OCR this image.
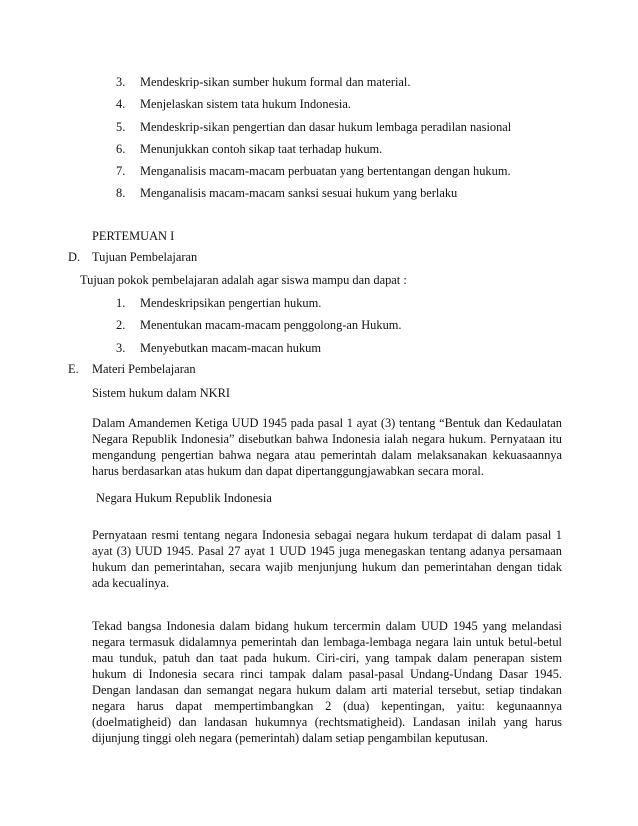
3.	Mendeskrip-sikan sumber hukum formal dan material.
4.	Menjelaskan sistem tata hukum Indonesia.
5.	Mendeskrip-sikan pengertian dan dasar hukum lembaga peradilan nasional
6.	Menunjukkan contoh sikap taat terhadap hukum.
7.	Menganalisis macam-macam perbuatan yang bertentangan dengan hukum.
8.	Menganalisis macam-macam sanksi sesuai hukum yang berlaku
PERTEMUAN I
D. Tujuan Pembelajaran
Tujuan pokok pembelajaran adalah agar siswa mampu dan dapat :
1.	Mendeskripsikan pengertian hukum.
2.	Menentukan macam-macam penggolong-an Hukum.
3.	Menyebutkan macam-macan hukum
E. Materi Pembelajaran
Sistem hukum dalam NKRI

Dalam Amandemen Ketiga UUD 1945 pada pasal 1 ayat (3) tentang “Bentuk dan Kedaulatan Negara Republik Indonesia” disebutkan bahwa Indonesia ialah negara hukum. Pernyataan itu mengandung pengertian bahwa negara atau pemerintah dalam melaksanakan kekuasaannya harus berdasarkan atas hukum dan dapat dipertanggungjawabkan secara moral.

Negara Hukum Republik Indonesia

Pernyataan resmi tentang negara Indonesia sebagai negara hukum terdapat di dalam pasal 1 ayat (3) UUD 1945. Pasal 27 ayat 1 UUD 1945 juga menegaskan tentang adanya persamaan hukum dan pemerintahan, secara wajib menjunjung hukum dan pemerintahan dengan tidak ada kecualinya.

Tekad bangsa Indonesia dalam bidang hukum tercermin dalam UUD 1945 yang melandasi negara termasuk didalamnya pemerintah dan lembaga-lembaga negara lain untuk betul-betul mau tunduk, patuh dan taat pada hukum. Ciri-ciri, yang tampak dalam penerapan sistem hukum di Indonesia secara rinci tampak dalam pasal-pasal Undang-Undang Dasar 1945. Dengan landasan dan semangat negara hukum dalam arti material tersebut, setiap tindakan negara harus dapat mempertimbangkan 2 (dua) kepentingan, yaitu: kegunaannya (doelmatigheid) dan landasan hukumnya (rechtsmatigheid). Landasan inilah yang harus dijunjung tinggi oleh negara (pemerintah) dalam setiap pengambilan keputusan.
